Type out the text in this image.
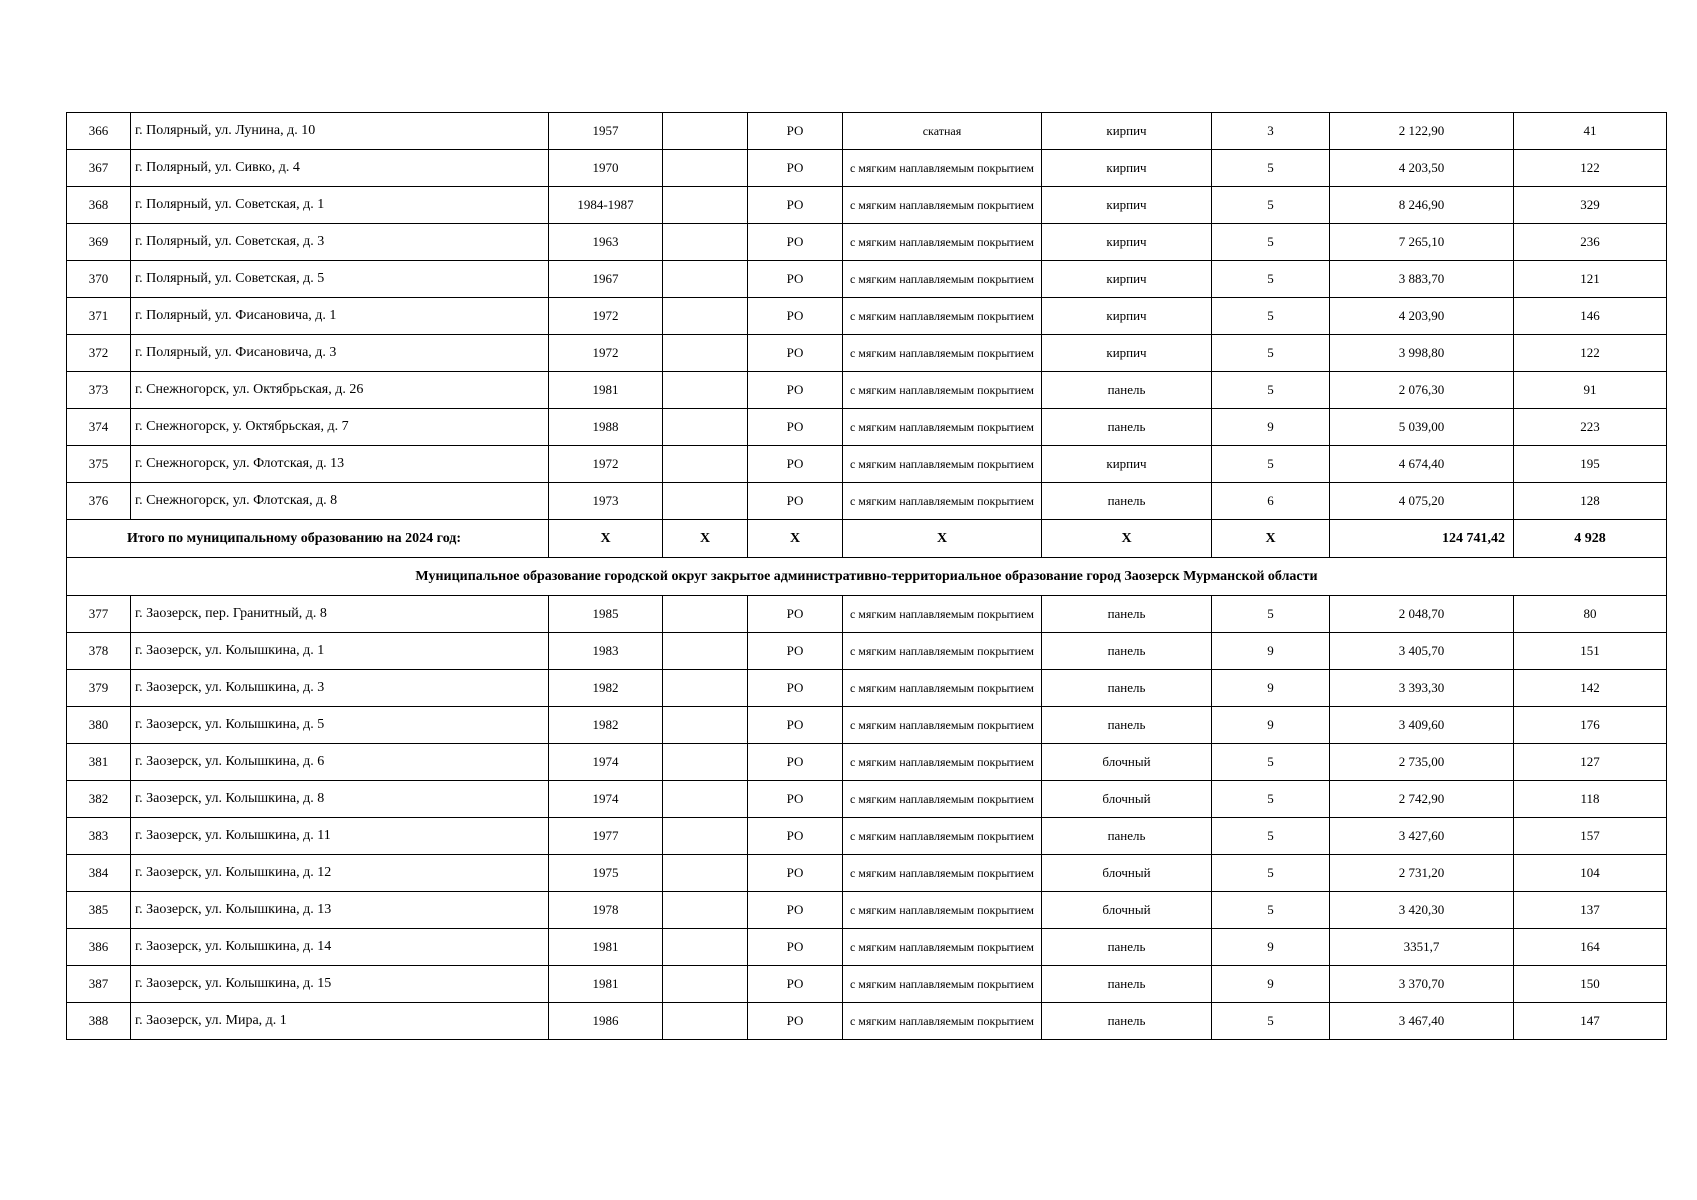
366	г. Полярный, ул. Лунина, д. 10	1957		РО	скатная	кирпич	3	2 122,90	41
367	г. Полярный, ул. Сивко, д. 4	1970		РО	с мягким наплавляемым покрытием	кирпич	5	4 203,50	122
368	г. Полярный, ул. Советская, д. 1	1984-1987		РО	с мягким наплавляемым покрытием	кирпич	5	8 246,90	329
369	г. Полярный, ул. Советская, д. 3	1963		РО	с мягким наплавляемым покрытием	кирпич	5	7 265,10	236
370	г. Полярный, ул. Советская, д. 5	1967		РО	с мягким наплавляемым покрытием	кирпич	5	3 883,70	121
371	г. Полярный, ул. Фисановича, д. 1	1972		РО	с мягким наплавляемым покрытием	кирпич	5	4 203,90	146
372	г. Полярный, ул. Фисановича, д. 3	1972		РО	с мягким наплавляемым покрытием	кирпич	5	3 998,80	122
373	г. Снежногорск, ул. Октябрьская, д. 26	1981		РО	с мягким наплавляемым покрытием	панель	5	2 076,30	91
374	г. Снежногорск, у. Октябрьская, д. 7	1988		РО	с мягким наплавляемым покрытием	панель	9	5 039,00	223
375	г. Снежногорск, ул. Флотская, д. 13	1972		РО	с мягким наплавляемым покрытием	кирпич	5	4 674,40	195
376	г. Снежногорск, ул. Флотская, д. 8	1973		РО	с мягким наплавляемым покрытием	панель	6	4 075,20	128
Итого по муниципальному образованию на 2024 год:		X	X	X	X	X	X	124 741,42	4 928
Муниципальное образование городской округ закрытое административно-территориальное образование город Заозерск Мурманской области									
377	г. Заозерск, пер. Гранитный, д. 8	1985		РО	с мягким наплавляемым покрытием	панель	5	2 048,70	80
378	г. Заозерск, ул. Колышкина, д. 1	1983		РО	с мягким наплавляемым покрытием	панель	9	3 405,70	151
379	г. Заозерск, ул. Колышкина, д. 3	1982		РО	с мягким наплавляемым покрытием	панель	9	3 393,30	142
380	г. Заозерск, ул. Колышкина, д. 5	1982		РО	с мягким наплавляемым покрытием	панель	9	3 409,60	176
381	г. Заозерск, ул. Колышкина, д. 6	1974		РО	с мягким наплавляемым покрытием	блочный	5	2 735,00	127
382	г. Заозерск, ул. Колышкина, д. 8	1974		РО	с мягким наплавляемым покрытием	блочный	5	2 742,90	118
383	г. Заозерск, ул. Колышкина, д. 11	1977		РО	с мягким наплавляемым покрытием	панель	5	3 427,60	157
384	г. Заозерск, ул. Колышкина, д. 12	1975		РО	с мягким наплавляемым покрытием	блочный	5	2 731,20	104
385	г. Заозерск, ул. Колышкина, д. 13	1978		РО	с мягким наплавляемым покрытием	блочный	5	3 420,30	137
386	г. Заозерск, ул. Колышкина, д. 14	1981		РО	с мягким наплавляемым покрытием	панель	9	3351,7	164
387	г. Заозерск, ул. Колышкина, д. 15	1981		РО	с мягким наплавляемым покрытием	панель	9	3 370,70	150
388	г. Заозерск, ул. Мира, д. 1	1986		РО	с мягким наплавляемым покрытием	панель	5	3 467,40	147
